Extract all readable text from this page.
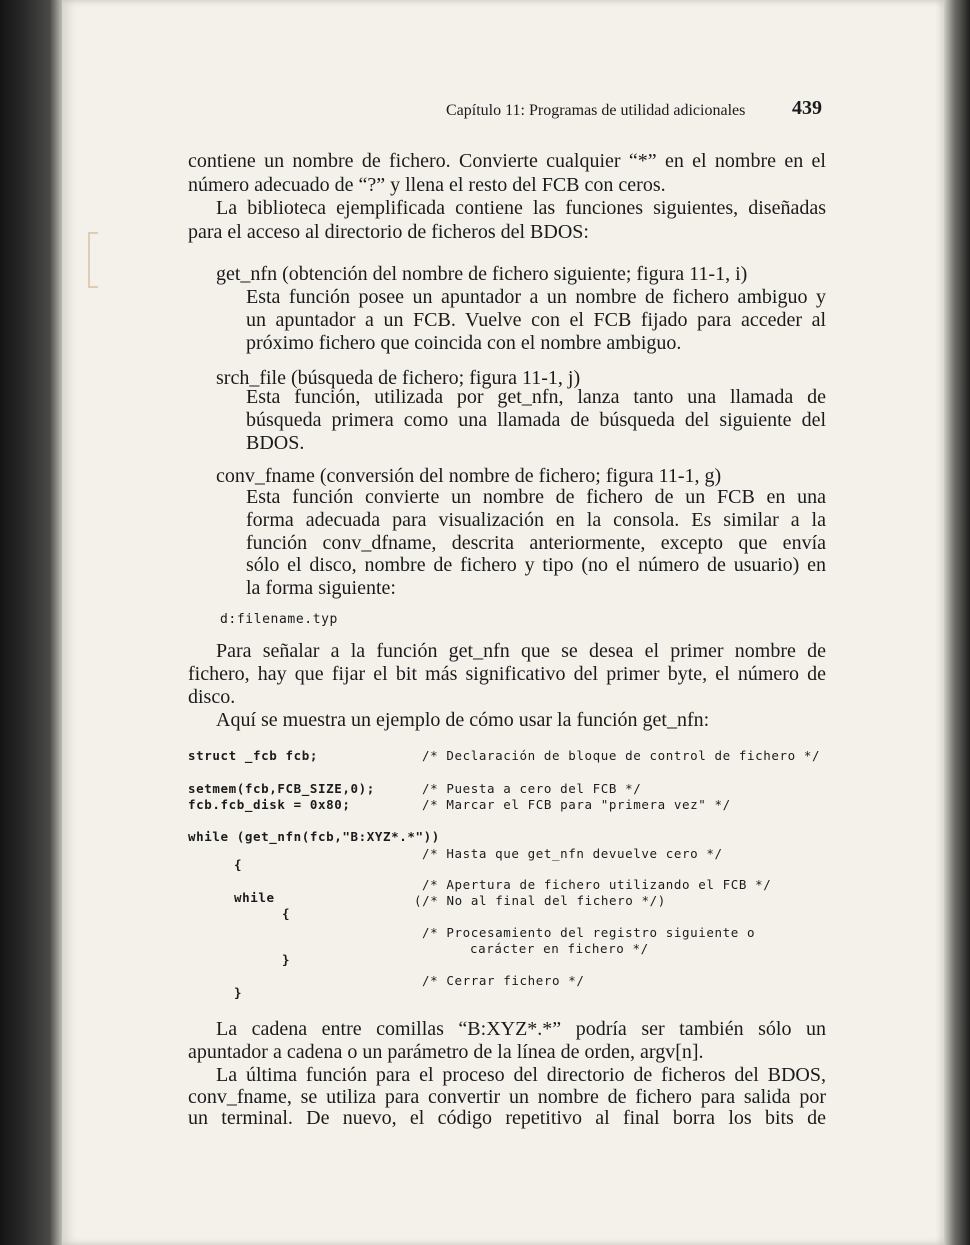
Capítulo 11: Programas de utilidad adicionales 439
contiene un nombre de fichero. Convierte cualquier “*” en el nombre en el
número adecuado de “?” y llena el resto del FCB con ceros.
La biblioteca ejemplificada contiene las funciones siguientes, diseñadas
para el acceso al directorio de ficheros del BDOS:
get_nfn (obtención del nombre de fichero siguiente; figura 11-1, i)
Esta función posee un apuntador a un nombre de fichero ambiguo y
un apuntador a un FCB. Vuelve con el FCB fijado para acceder al
próximo fichero que coincida con el nombre ambiguo.
srch_file (búsqueda de fichero; figura 11-1, j)
Esta función, utilizada por get_nfn, lanza tanto una llamada de
búsqueda primera como una llamada de búsqueda del siguiente del
BDOS.
conv_fname (conversión del nombre de fichero; figura 11-1, g)
Esta función convierte un nombre de fichero de un FCB en una
forma adecuada para visualización en la consola. Es similar a la
función conv_dfname, descrita anteriormente, excepto que envía
sólo el disco, nombre de fichero y tipo (no el número de usuario) en
la forma siguiente:
d:filename.typ
Para señalar a la función get_nfn que se desea el primer nombre de
fichero, hay que fijar el bit más significativo del primer byte, el número de
disco.
Aquí se muestra un ejemplo de cómo usar la función get_nfn:
struct _fcb fcb;	/* Declaración de bloque de control de fichero */
setmem(fcb,FCB_SIZE,0);	/* Puesta a cero del FCB */
fcb.fcb_disk = 0x80;	/* Marcar el FCB para "primera vez" */
while (get_nfn(fcb,"B:XYZ*.*"))
/* Hasta que get_nfn devuelve cero */
{
/* Apertura de fichero utilizando el FCB */
while	(/* No al final del fichero */)
{
/* Procesamiento del registro siguiente o
carácter en fichero */
}
/* Cerrar fichero */
}
La cadena entre comillas “B:XYZ*.*” podría ser también sólo un
apuntador a cadena o un parámetro de la línea de orden, argv[n].
La última función para el proceso del directorio de ficheros del BDOS,
conv_fname, se utiliza para convertir un nombre de fichero para salida por
un terminal. De nuevo, el código repetitivo al final borra los bits de
